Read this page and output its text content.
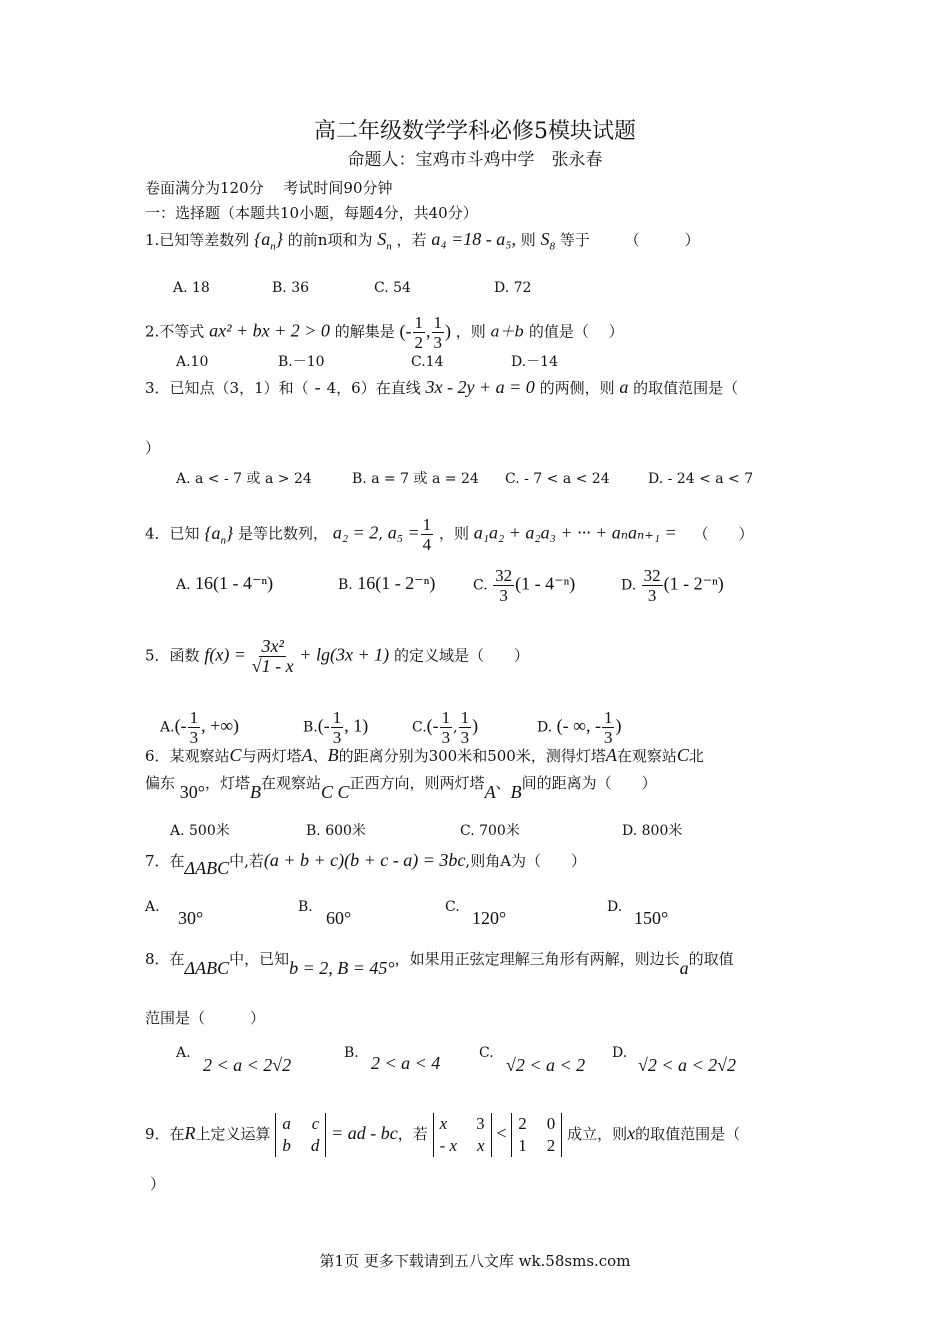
高二年级数学学科必修5模块试题
命题人：宝鸡市斗鸡中学　张永春
卷面满分为120分　 考试时间90分钟
一：选择题（本题共10小题，每题4分，共40分）
1.已知等差数列 $\{a_n\}$ 的前n项和为 $S_n$ ，若 a₄ =18 - a₅, 则 $S_8$ 等于 （　　　）
A. 18	B. 36	C. 54	D. 72
2.不等式 ax² + bx + 2 > 0 的解集是 (- $\frac{1}{2}$ , $\frac{1}{3}$ ) ，则 a＋b 的值是（　 ）
A.10	B.－10	C.14	D.－14
3．已知点（3，1）和（ - 4，6）在直线 3x - 2y + a = 0 的两侧，则 a 的取值范围是（
）
A. a < - 7 或 a > 24	B. a = 7 或 a = 24 C. - 7 < a < 24	D. - 24 < a < 7
4．已知 $\{a_n\}$ 是等比数列， a₂ = 2, $a_5 = \frac{1}{4}$ ，则 a₁a₂ + a₂a₃ + ··· + aₙaₙ₊₁ = （　　）
A. 16(1 - 4⁻ⁿ)	B. 16(1 - 2⁻ⁿ)	C. $\frac{32}{3} (1 - 4^{-n})$	D. $\frac{32}{3} (1 - 2^{-n})$
5．函数 $f(x) = \frac{\text{3x²}}{√1 - x} + \lg(3x + 1)$ 的定义域是（　　）
$A.(- \frac{1}{3}$ , +∞)	$B.(- \frac{1}{3}$ , 1)	$C.(- \frac{1}{3}$ , $\frac{1}{3}$ )	D. (- ∞, - $\frac{1}{3}$ )
6．某观察站C与两灯塔A、B的距离分别为300米和500米，测得灯塔A在观察站C北
偏东 30°，灯塔B在观察站C C正西方向，则两灯塔A、B间的距离为（　　）
A. 500米	B. 600米	C. 700米	D. 800米
7．在ΔABC中,若(a + b + c)(b + c - a) = 3bc,则角A为（　　）
A.
30°
B.
60°
C.
120°
D.
150°
8．在ΔABC中，已知b = 2, B = 45°，如果用正弦定理解三角形有两解，则边长a的取值
范围是（　　　）
A.
2 < a < 2√2
B. 2 < a < 4	C.
√2 < a < 2
D.
√2 < a < 2√2
9．在R上定义运算
a c
b d
= ad - bc，若
x 3
- x x
< 2 0
1 2
成立，则x的取值范围是（
）
第1页 更多下载请到五八文库 wk.58sms.com
